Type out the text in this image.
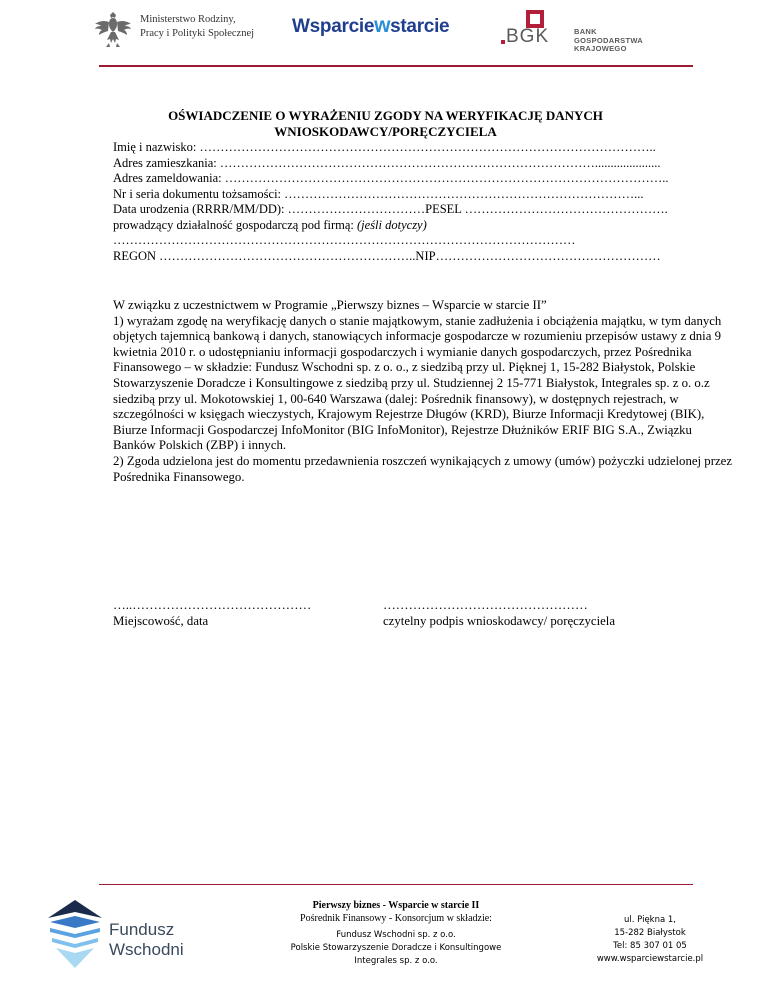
Ministerstwo Rodziny,
Pracy i Polityki Społecznej Wsparciewstarcie	BGK	BANK GOSPODARSTWA
KRAJOWEGO
OŚWIADCZENIE O WYRAŻENIU ZGODY NA WERYFIKACJĘ DANYCH
WNIOSKODAWCY/PORĘCZYCIELA
Imię i nazwisko: ………………………………………………………………………………………………..
Adres zamieszkania: ……………………………………………………………………………….....................
Adres zameldowania: ……………………………………………………………………………………………..
Nr i seria dokumentu tożsamości: …………………………………………………………………………...
Data urodzenia (RRRR/MM/DD): ……………………………PESEL ………………………………………….
prowadzący działalność gospodarczą pod firmą: (jeśli dotyczy)
…………………………………………………………………………………………………
REGON ……………………………………………………..NIP………………………………………………
W związku z uczestnictwem w Programie „Pierwszy biznes – Wsparcie w starcie II”
1) wyrażam zgodę na weryfikację danych o stanie majątkowym, stanie zadłużenia i obciążenia majątku, w tym danych objętych tajemnicą bankową i danych, stanowiących informacje gospodarcze w rozumieniu przepisów ustawy z dnia 9 kwietnia 2010 r. o udostępnianiu informacji gospodarczych i wymianie danych gospodarczych, przez Pośrednika Finansowego – w składzie: Fundusz Wschodni sp. z o. o., z siedzibą przy ul. Pięknej 1, 15-282 Białystok, Polskie Stowarzyszenie Doradcze i Konsultingowe z siedzibą przy ul. Studziennej 2 15-771 Białystok, Integrales sp. z o. o.z siedzibą przy ul. Mokotowskiej 1, 00-640 Warszawa (dalej: Pośrednik finansowy), w dostępnych rejestrach, w szczególności w księgach wieczystych, Krajowym Rejestrze Długów (KRD), Biurze Informacji Kredytowej (BIK), Biurze Informacji Gospodarczej InfoMonitor (BIG InfoMonitor), Rejestrze Dłużników ERIF BIG S.A., Związku Banków Polskich (ZBP) i innych.
2) Zgoda udzielona jest do momentu przedawnienia roszczeń wynikających z umowy (umów) pożyczki udzielonej przez Pośrednika Finansowego.
…..……………………………………
Miejscowość, data
…………………………………………
czytelny podpis wnioskodawcy/ poręczyciela
Fundusz Wschodni
Pierwszy biznes - Wsparcie w starcie II
Pośrednik Finansowy - Konsorcjum w składzie:
Fundusz Wschodni sp. z o.o.
Polskie Stowarzyszenie Doradcze i Konsultingowe
Integrales sp. z o.o.
ul. Piękna 1,
15-282 Białystok
Tel: 85 307 01 05
www.wsparciewstarcie.pl
